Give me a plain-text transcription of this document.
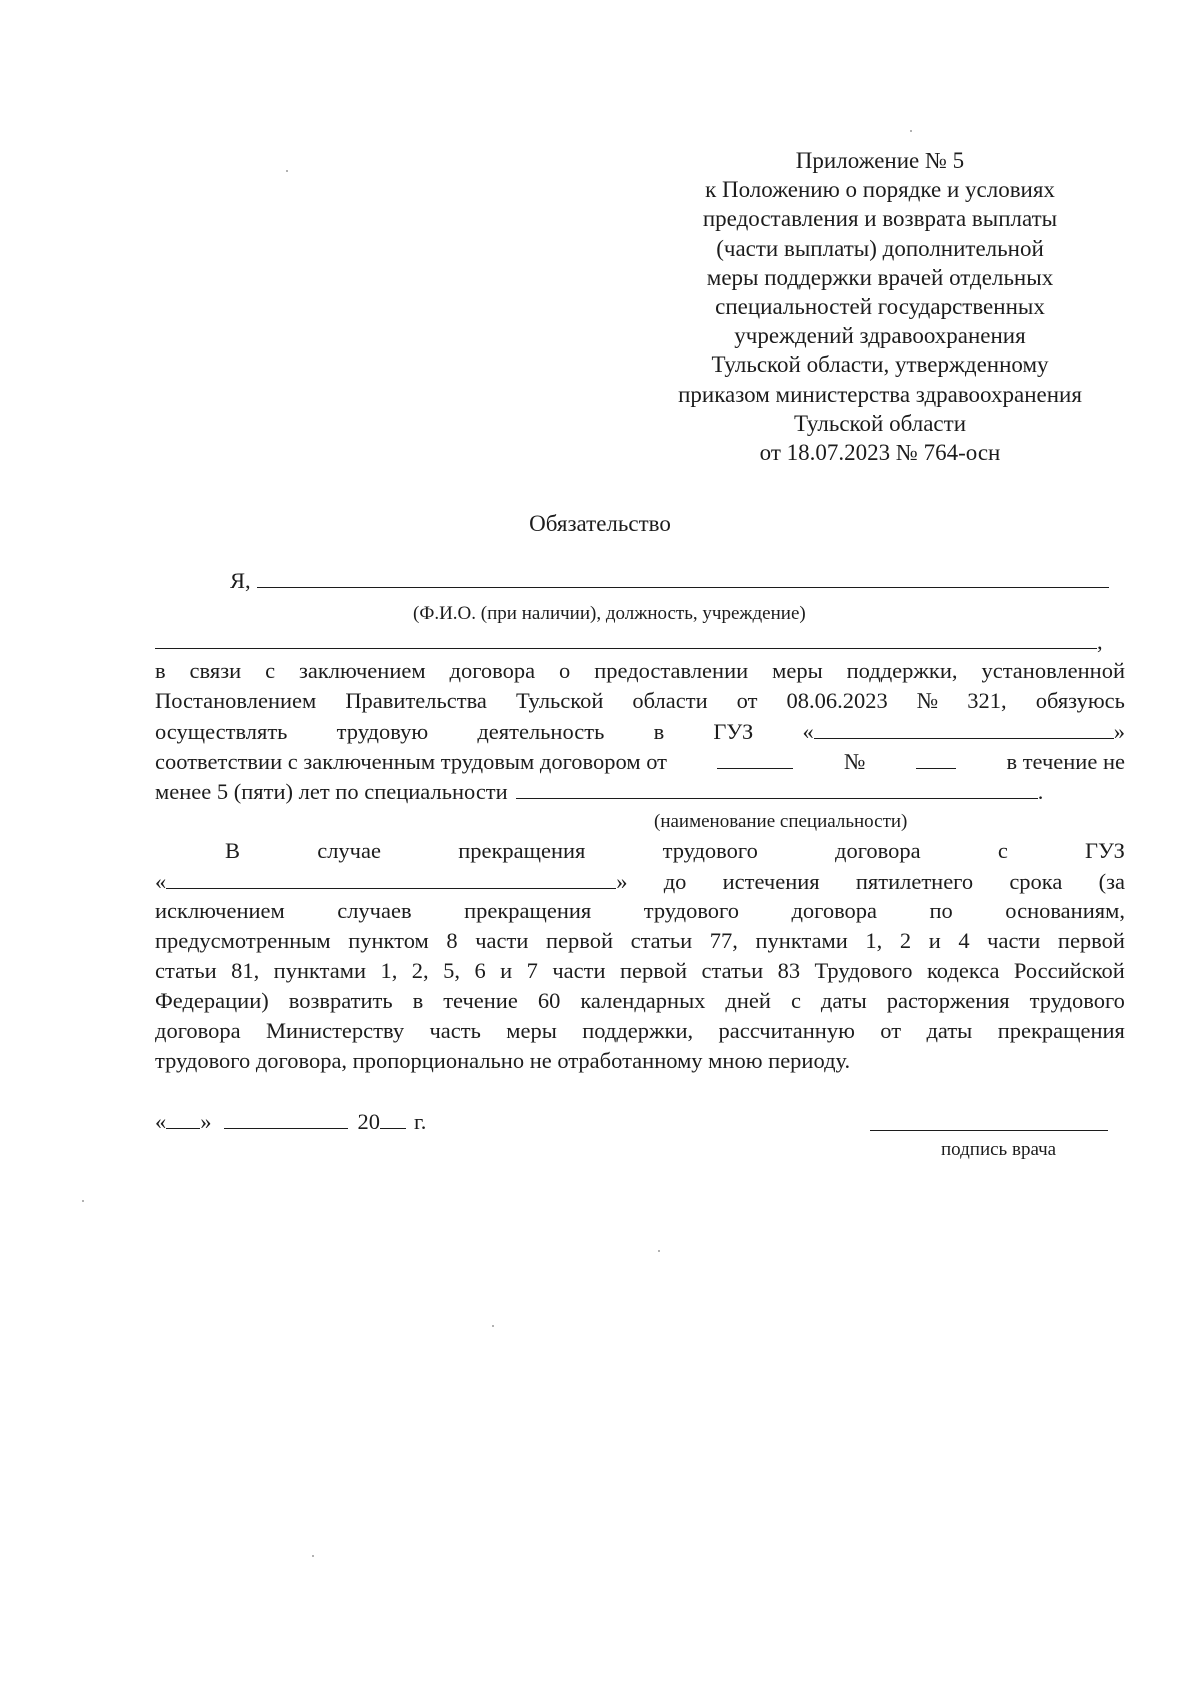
Приложение № 5
к Положению о порядке и условиях
предоставления и возврата выплаты
(части выплаты) дополнительной
меры поддержки врачей отдельных
специальностей государственных
учреждений здравоохранения
Тульской области, утвержденному
приказом министерства здравоохранения
Тульской области
от 18.07.2023 № 764-осн
Обязательство
Я,
(Ф.И.О. (при наличии), должность, учреждение)
,
в связи с заключением договора о предоставлении меры поддержки, установленной
Постановлением Правительства Тульской области от 08.06.2023 № 321, обязуюсь
осуществлять трудовую деятельность в ГУЗ «	»
соответствии с заключенным трудовым договором от	№	в течение не
менее 5 (пяти) лет по специальности	.
(наименование специальности)
В	случае	прекращения	трудового	договора	с	ГУЗ
«	» до истечения пятилетнего срока (за
исключением случаев прекращения трудового договора по основаниям,
предусмотренным пунктом 8 части первой статьи 77, пунктами 1, 2 и 4 части первой
статьи 81, пунктами 1, 2, 5, 6 и 7 части первой статьи 83 Трудового кодекса Российской
Федерации) возвратить в течение 60 календарных дней с даты расторжения трудового
договора Министерству часть меры поддержки, рассчитанную от даты прекращения
трудового договора, пропорционально не отработанному мною периоду.
« »	20 г.
подпись врача
